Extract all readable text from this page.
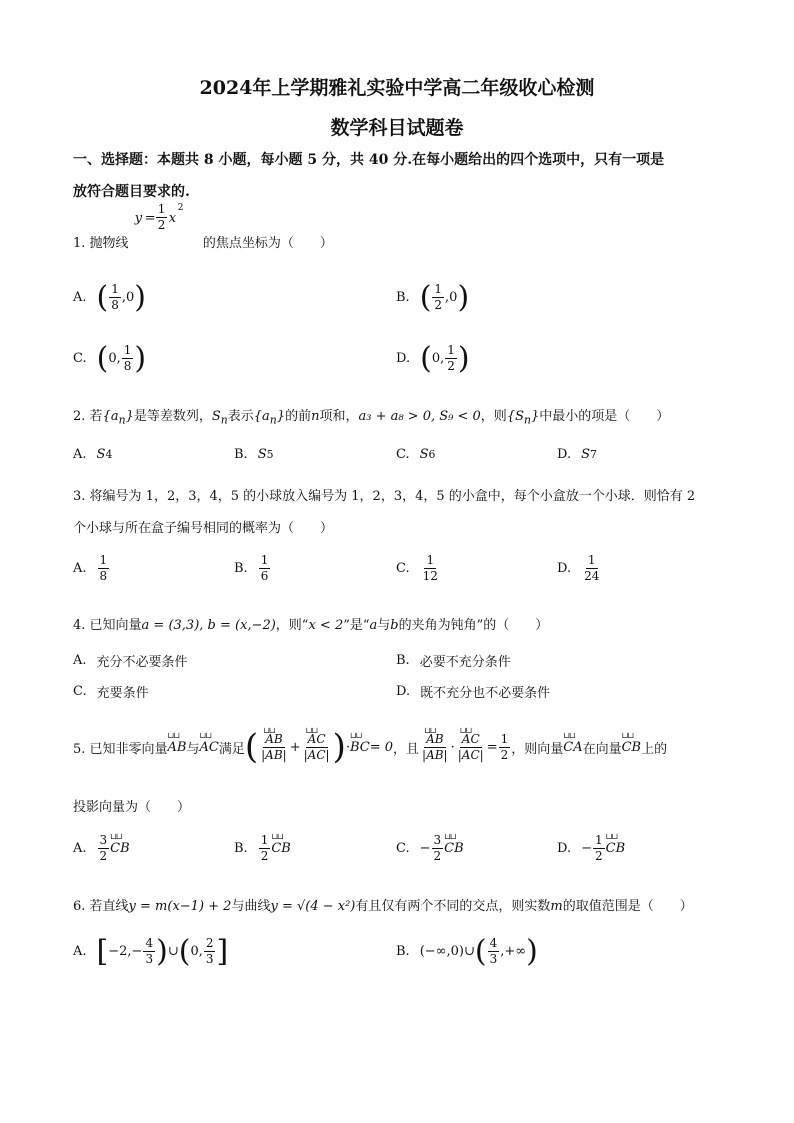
2024年上学期雅礼实验中学高二年级收心检测
数学科目试题卷
一、选择题：本题共 8 小题，每小题 5 分，共 40 分.在每小题给出的四个选项中，只有一项是
放符合题目要求的.
1. 抛物线
$y = \frac{1}{2}$ x
2
的焦点坐标为（　　）
A. ( $\frac{1}{8} ,0$ )	B. ( $\frac{1}{2} ,0$ )
C. ( 0, $\frac{1}{8}$ )	D. ( 0, $\frac{1}{2}$ )
2. 若$\{a_n\}$是等差数列，$S_n$表示$\{a_n\}$的前n项和，a₃ + a₈ > 0, S₉ < 0，则$\{S_n\}$中最小的项是（　　）
A. S 4	B. S 5	C. S 6	D. S 7
3. 将编号为 1，2，3，4，5 的小球放入编号为 1，2，3，4，5 的小盒中，每个小盒放一个小球．则恰有 2
个小球与所在盒子编号相同的概率为（　　）
A. $\frac{1}{8}$	B. $\frac{1}{6}$	C. $\frac{1}{12}$	D. $\frac{1}{24}$
4. 已知向量a = (3,3), b = (x,−2)，则“x < 2”是“a与b的夹角为钝角”的（　　）
A. 充分不必要条件	B. 必要不充分条件
C. 充要条件	D. 既不充分也不必要条件
5. 已知非零向量 ⊔⊔ AB 与 ⊔⊔ AC 满足 ( ⊔⊔ $\frac{AB}{|AB|}$ + ⊔⊔ $\frac{AC}{|AC|}$ ) · ⊔⊔ BC = 0 ，且 ⊔⊔ $\frac{AB}{|AB|}$ · ⊔⊔ $\frac{AC}{|AC|} = \frac{1}{2}$ ，则向量 ⊔⊔ CA 在向量 ⊔⊔ CB 上的
投影向量为（　　）
A. $\frac{3}{2}$ ⊔⊔ CB	B. $\frac{1}{2}$ ⊔⊔ CB	C. − $\frac{3}{2}$ ⊔⊔ CB	D. − $\frac{1}{2}$ ⊔⊔ CB
6. 若直线y = m(x−1) + 2与曲线y = √(4 − x²)有且仅有两个不同的交点，则实数m的取值范围是（　　）
A. [ $-2,- \frac{4}{3}$ ) ∪ ( 0, $\frac{2}{3}$ ]	B. (−∞,0) ∪ ( $\frac{4}{3}$ ,+∞ )
